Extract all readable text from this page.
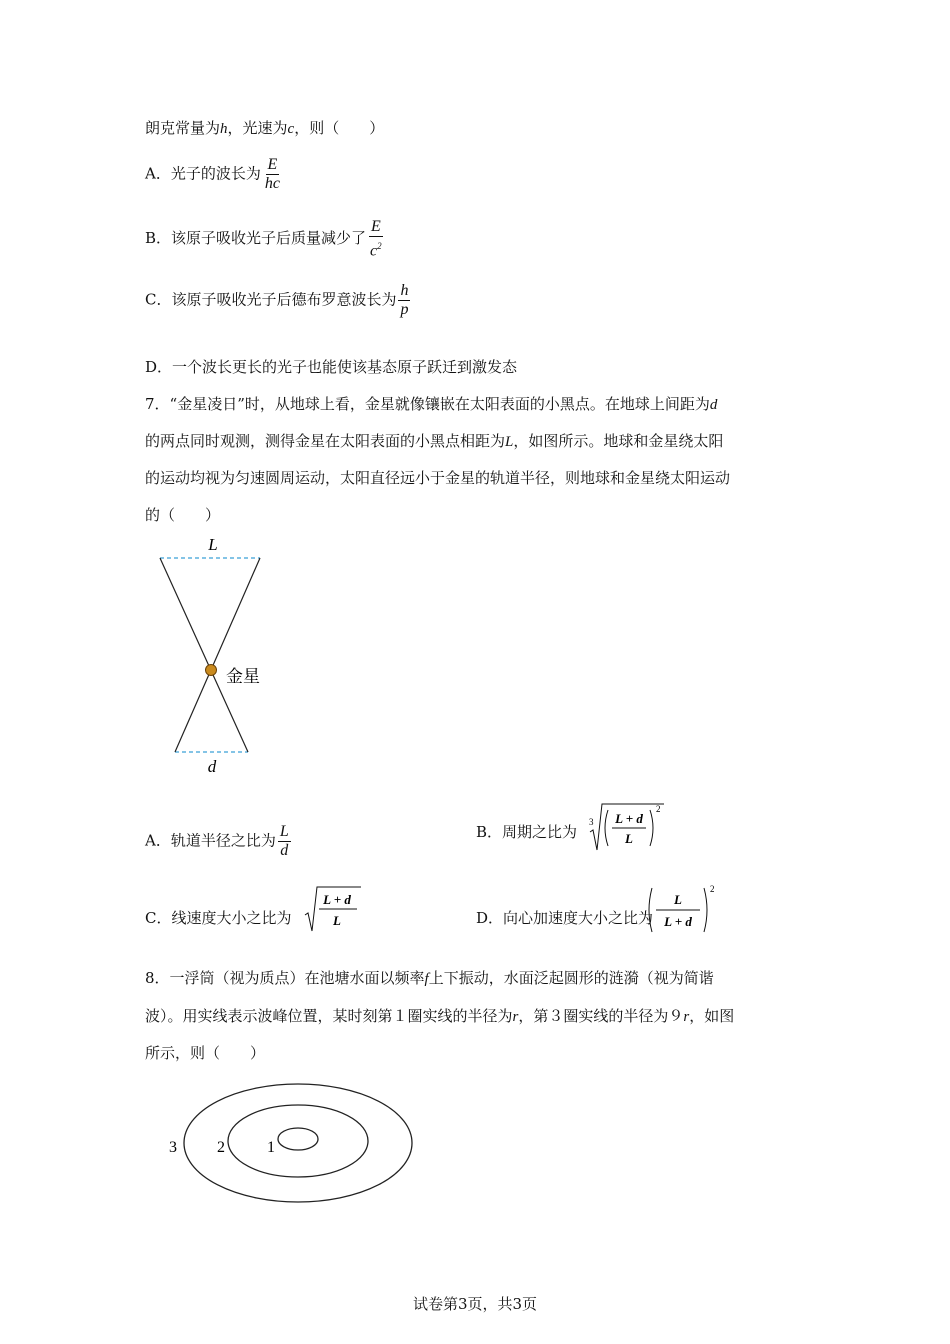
朗克常量为h，光速为c，则（　　）
A．光子的波长为 $\frac{E}{hc}$
B．该原子吸收光子后质量减少了 $\frac{E}{c^2}$
C．该原子吸收光子后德布罗意波长为 $\frac{h}{p}$
D．一个波长更长的光子也能使该基态原子跃迁到激发态
7．“金星凌日”时，从地球上看，金星就像镶嵌在太阳表面的小黑点。在地球上间距为d
的两点同时观测，测得金星在太阳表面的小黑点相距为L，如图所示。地球和金星绕太阳
的运动均视为匀速圆周运动，太阳直径远小于金星的轨道半径，则地球和金星绕太阳运动
的（　　）
L
d
金星
A．轨道半径之比为 $\frac{L}{d}$	B．周期之比为
3 L + d
L
2
C．线速度大小之比为
L + d
L	D．向心加速度大小之比为
L
L + d
2
8．一浮筒（视为质点）在池塘水面以频率f上下振动，水面泛起圆形的涟漪（视为简谐
波）。用实线表示波峰位置，某时刻第１圈实线的半径为r，第３圈实线的半径为９r，如图
所示，则（　　）
3	2	1
试卷第3页，共3页
